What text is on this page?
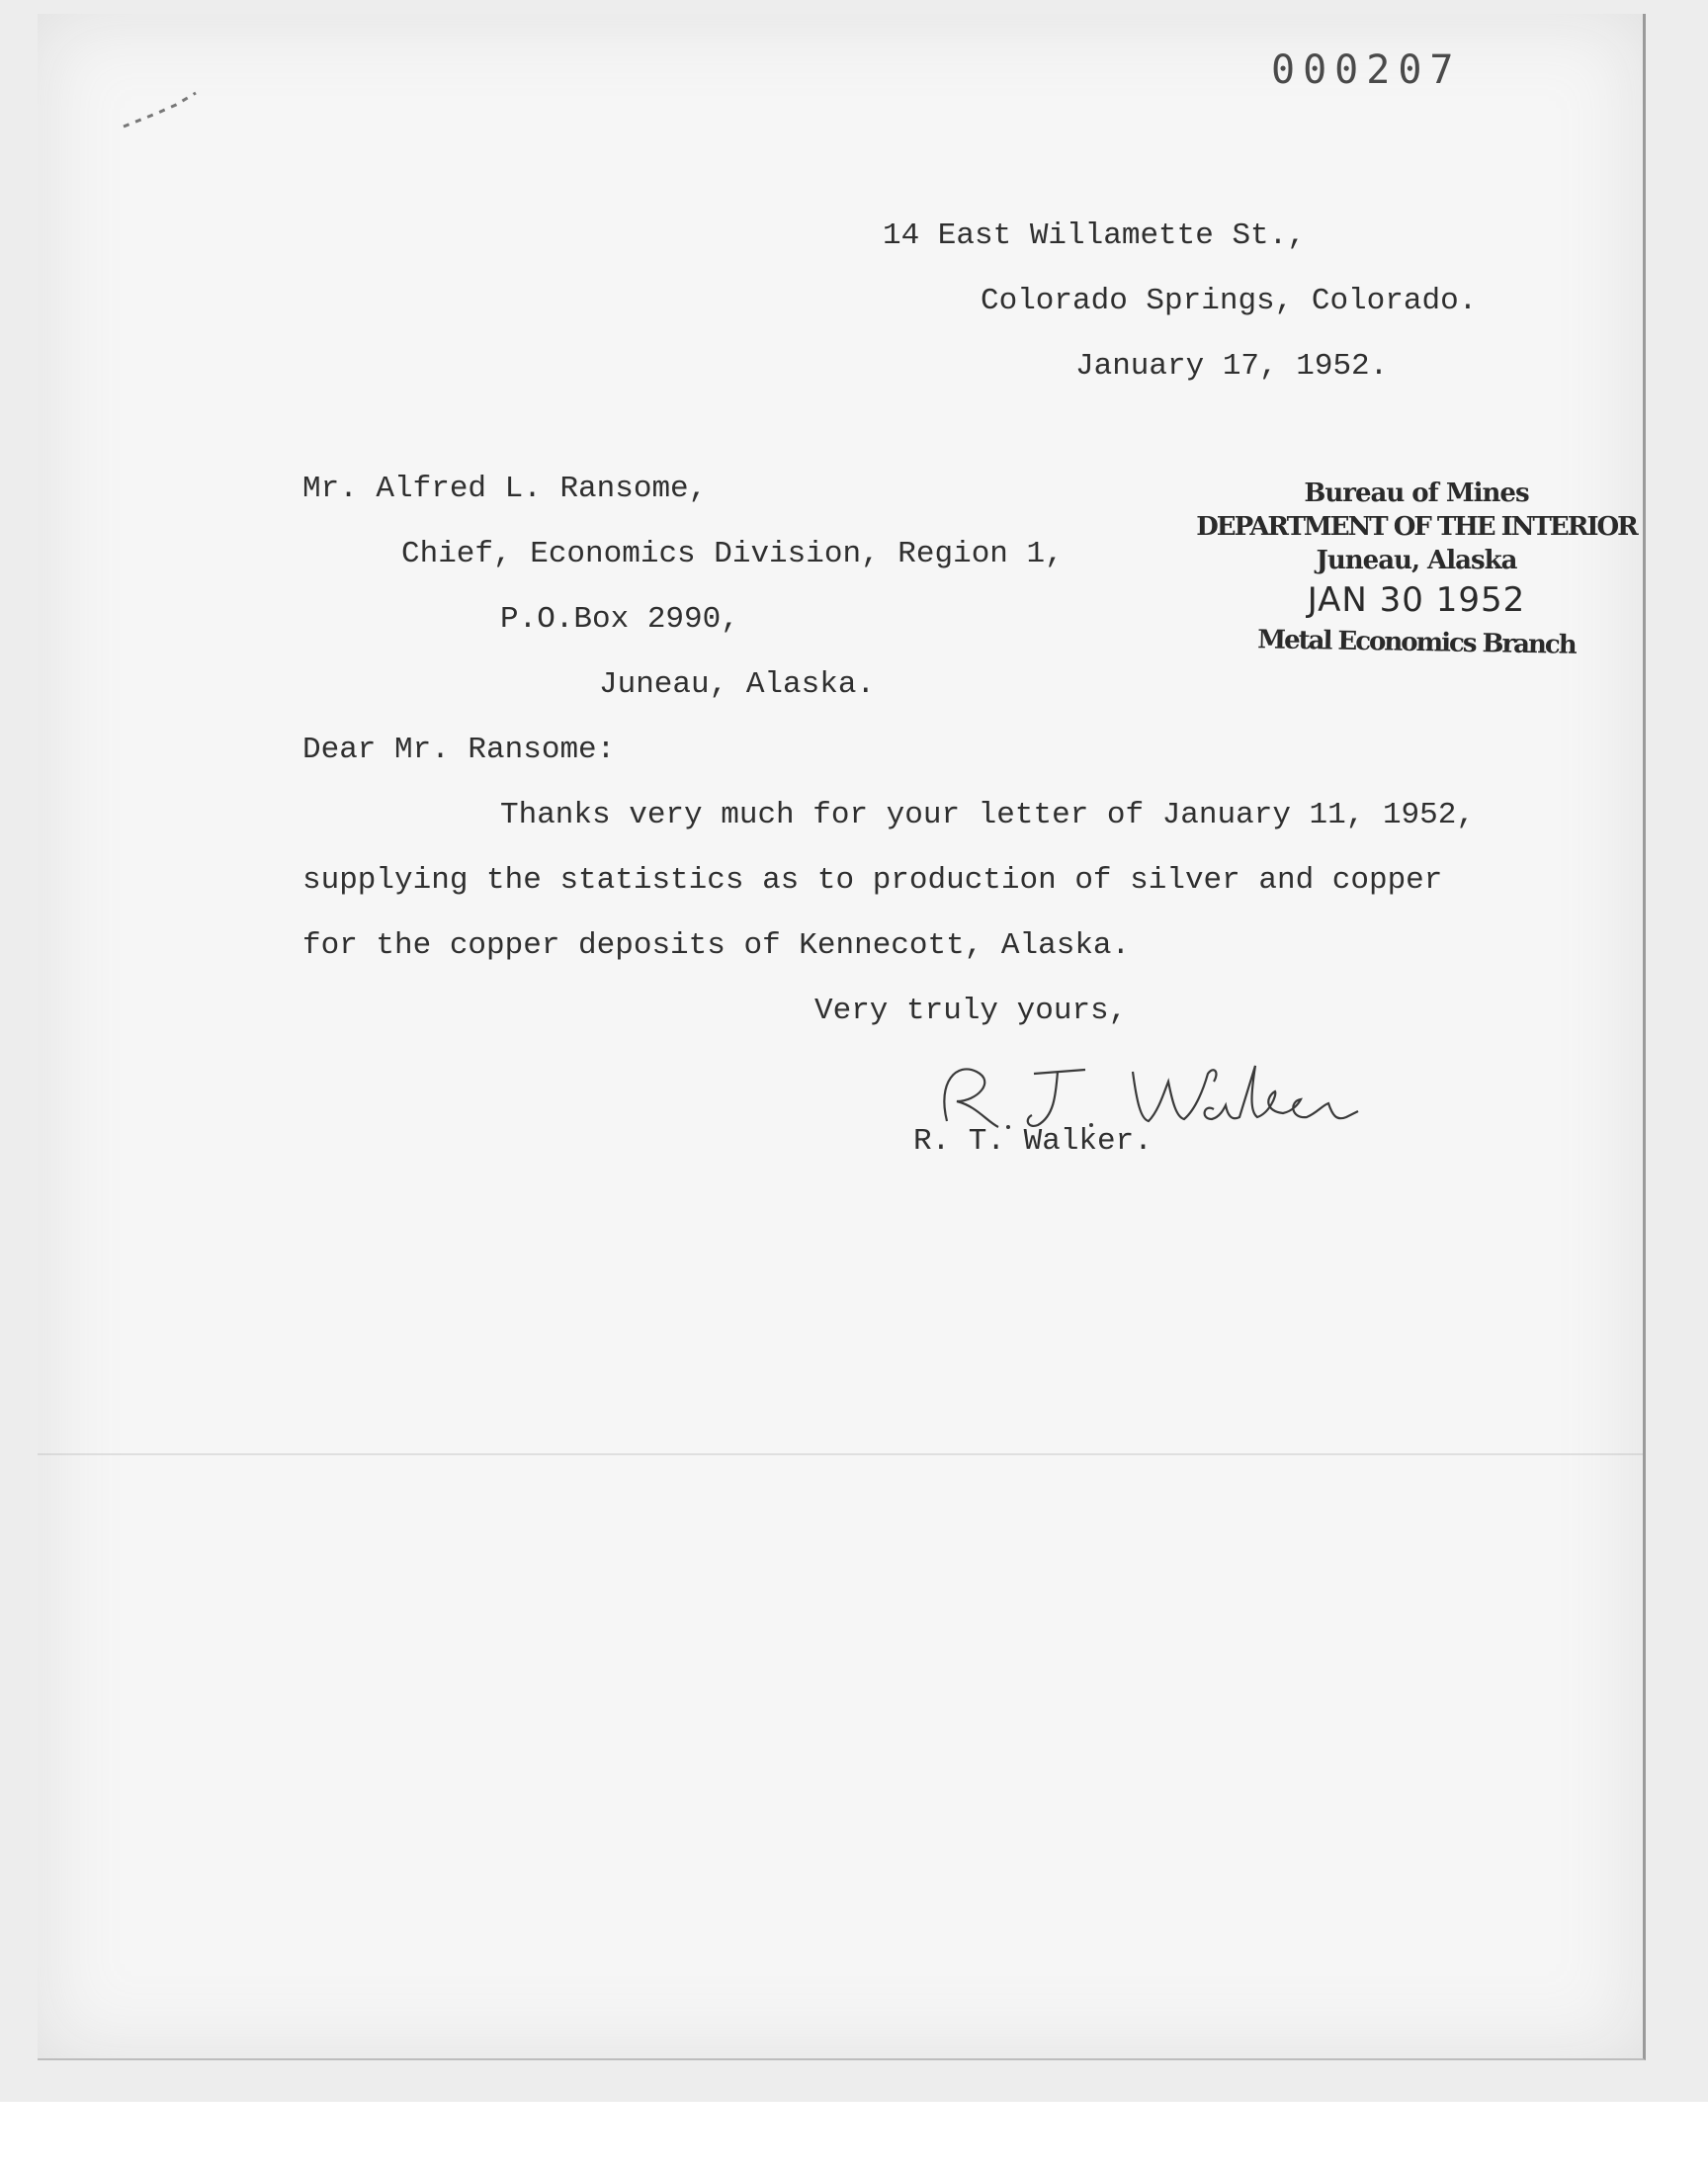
000207
14 East Willamette St.,
Colorado Springs, Colorado.
January 17, 1952.
Mr. Alfred L. Ransome,
Chief, Economics Division, Region 1,
P.O.Box 2990,
Juneau, Alaska.
Dear Mr. Ransome:
Thanks very much for your letter of January 11, 1952,
supplying the statistics as to production of silver and copper
for the copper deposits of Kennecott, Alaska.
Very truly yours,
R. T. Walker.
Bureau of Mines
DEPARTMENT OF THE INTERIOR
Juneau, Alaska
JAN 30 1952
Metal Economics Branch
